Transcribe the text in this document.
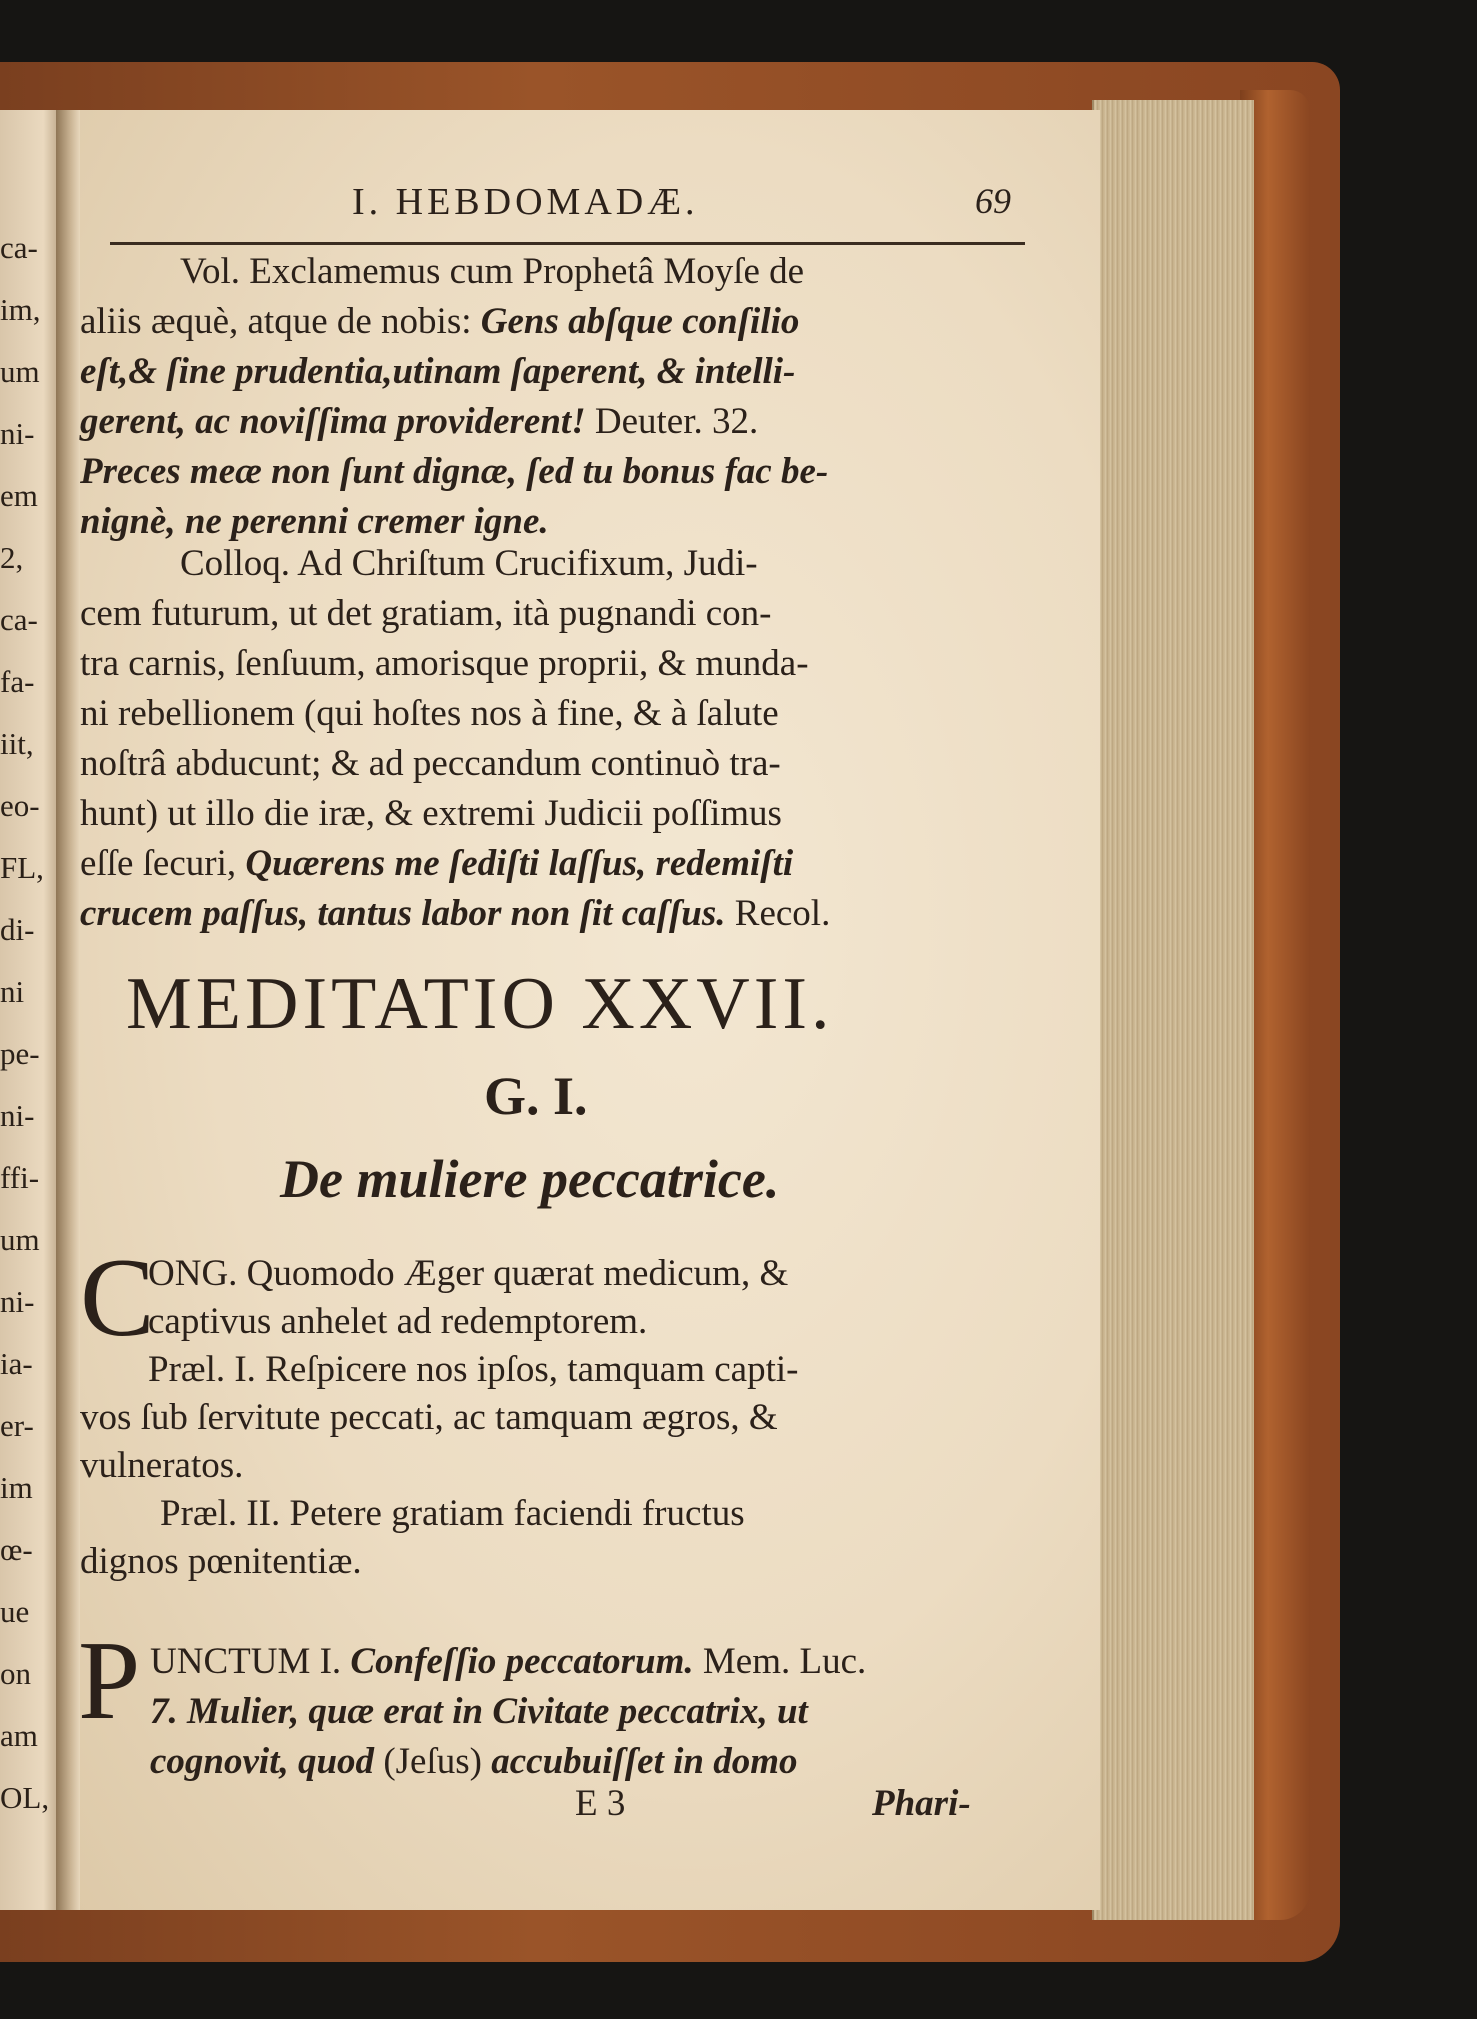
ca-
im,
um
ni-
em
2,
ca-
fa-
iit,
eo-
FL,
di-
ni
pe-
ni-
ffi-
um
ni-
ia-
er-
im
œ-
ue
on
am
OL,
I. HEBDOMADÆ.	69
Vol. Exclamemus cum Prophetâ Moyſe de
aliis æquè, atque de nobis: Gens abſque conſilio
eſt,& ſine prudentia,utinam ſaperent, & intelli-
gerent, ac noviſſima providerent! Deuter. 32.
Preces meæ non ſunt dignæ, ſed tu bonus fac be-
nignè, ne perenni cremer igne.
Colloq. Ad Chriſtum Crucifixum, Judi-
cem futurum, ut det gratiam, ità pugnandi con-
tra carnis, ſenſuum, amorisque proprii, & munda-
ni rebellionem (qui hoſtes nos à fine, & à ſalute
noſtrâ abducunt; & ad peccandum continuò tra-
hunt) ut illo die iræ, & extremi Judicii poſſimus
eſſe ſecuri, Quærens me ſediſti laſſus, redemiſti
crucem paſſus, tantus labor non ſit caſſus. Recol.
MEDITATIO XXVII.
G. I.
De muliere peccatrice.
C
ONG. Quomodo Æger quærat medicum, &
captivus anhelet ad redemptorem.
Præl. I. Reſpicere nos ipſos, tamquam capti-
vos ſub ſervitute peccati, ac tamquam ægros, &
vulneratos.
Præl. II. Petere gratiam faciendi fructus
dignos pœnitentiæ.
P UNCTUM I. Confeſſio peccatorum. Mem. Luc.
7. Mulier, quæ erat in Civitate peccatrix, ut
cognovit, quod (Jeſus) accubuiſſet in domo
E 3	Phari-
